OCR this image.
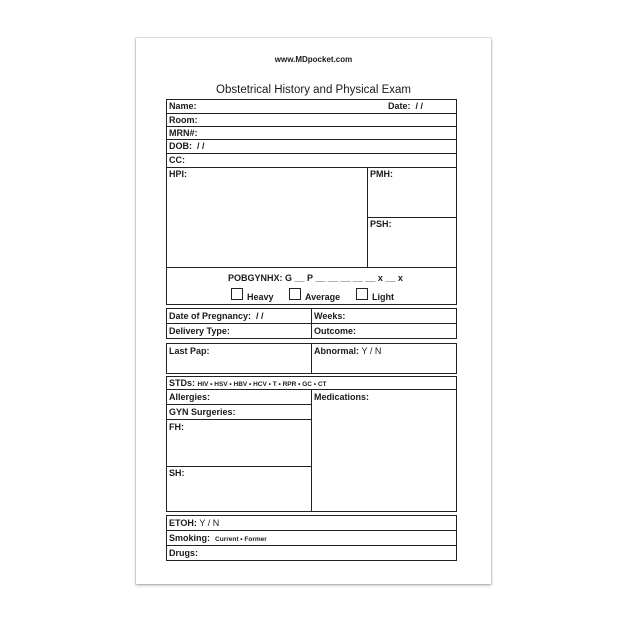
www.MDpocket.com
Obstetrical History and Physical Exam
Name:	Date: / /
Room:
MRN#:
DOB: / /
CC:
HPI:	PMH:
PSH:
POBGYNHX: G __ P __ __ __ __ __ x __ x
Heavy	Average	Light
Date of Pregnancy: / /	Weeks:
Delivery Type:	Outcome:
Last Pap:	Abnormal: Y / N
STDs: HIV • HSV • HBV • HCV • T • RPR • GC • CT
Allergies:
GYN Surgeries:
FH:
SH:
Medications:
ETOH: Y / N
Smoking: Current • Former
Drugs:
